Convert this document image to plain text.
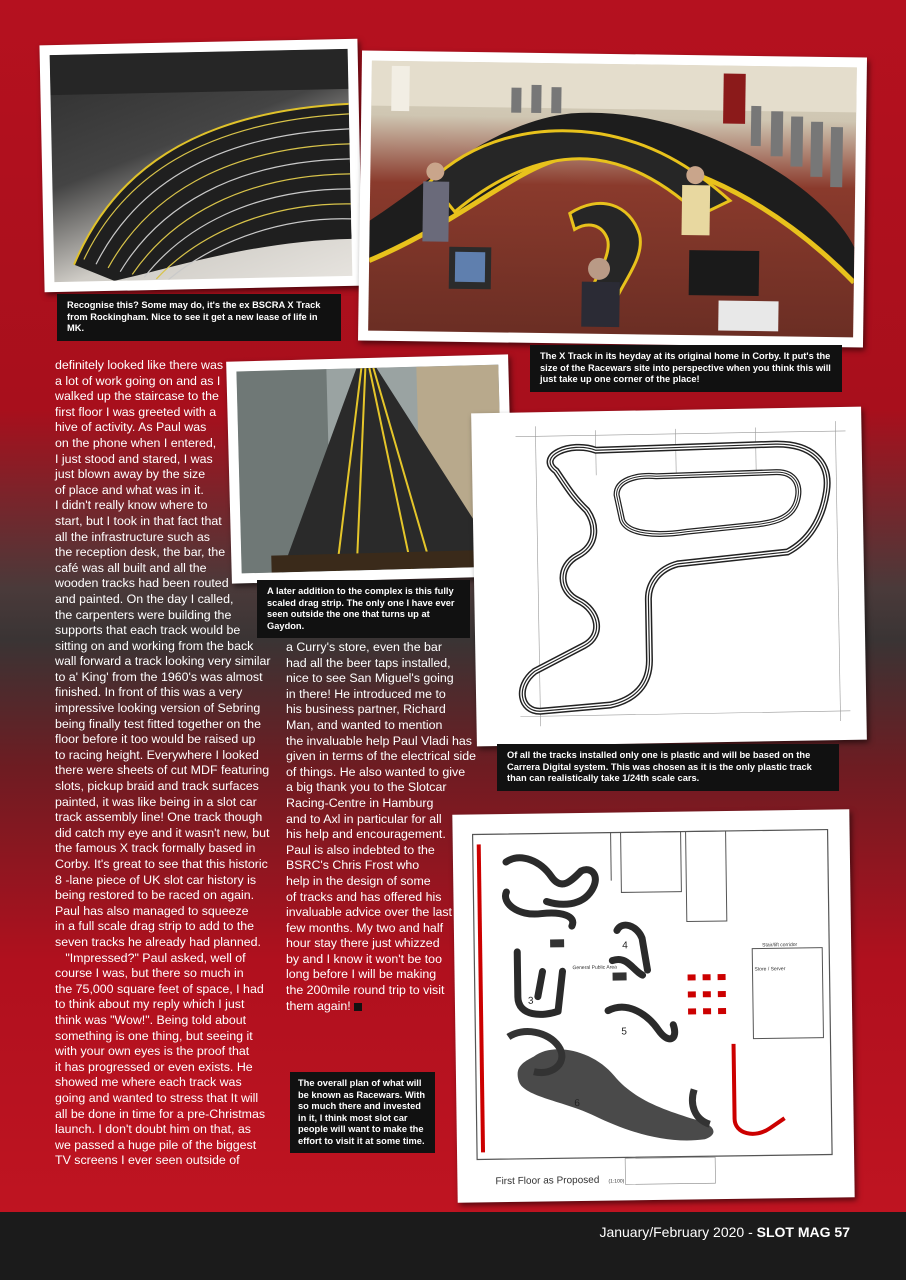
Recognise this? Some may do, it's the ex BSCRA X Track from Rockingham. Nice to see it get a new lease of life in MK.
The X Track in its heyday at its original home in Corby. It put's the size of the Racewars site into perspective when you think this will just take up one corner of the place!
A later addition to the complex is this fully scaled drag strip. The only one I have ever seen outside the one that turns up at Gaydon.
Of all the tracks installed only one is plastic and will be based on the Carrera Digital system. This was chosen as it is the only plastic track than can realistically take 1/24th scale cars.
3
4
5
6
General Public Area	Store / Server
Stair/lift corridor
First Floor as Proposed (1:100)
The overall plan of what will be known as Racewars. With so much there and invested in it, I think most slot car people will want to make the effort to visit it at some time.
definitely looked like there was
a lot of work going on and as I
walked up the staircase to the
first floor I was greeted with a
hive of activity. As Paul was
on the phone when I entered,
I just stood and stared, I was
just blown away by the size
of place and what was in it.
I didn't really know where to
start, but I took in that fact that
all the infrastructure such as
the reception desk, the bar, the
café was all built and all the
wooden tracks had been routed
and painted. On the day I called,
the carpenters were building the
supports that each track would be
sitting on and working from the back
wall forward a track looking very similar
to a' King' from the 1960's was almost
finished. In front of this was a very
impressive looking version of Sebring
being finally test fitted together on the
floor before it too would be raised up
to racing height. Everywhere I looked
there were sheets of cut MDF featuring
slots, pickup braid and track surfaces
painted, it was like being in a slot car
track assembly line! One track though
did catch my eye and it wasn't new, but
the famous X track formally based in
Corby. It's great to see that this historic
8 -lane piece of UK slot car history is
being restored to be raced on again.
Paul has also managed to squeeze
in a full scale drag strip to add to the
seven tracks he already had planned.
"Impressed?" Paul asked, well of
course I was, but there so much in
the 75,000 square feet of space, I had
to think about my reply which I just
think was "Wow!". Being told about
something is one thing, but seeing it
with your own eyes is the proof that
it has progressed or even exists. He
showed me where each track was
going and wanted to stress that It will
all be done in time for a pre-Christmas
launch. I don't doubt him on that, as
we passed a huge pile of the biggest
TV screens I ever seen outside of
a Curry's store, even the bar
had all the beer taps installed,
nice to see San Miguel's going
in there! He introduced me to
his business partner, Richard
Man, and wanted to mention
the invaluable help Paul Vladi has
given in terms of the electrical side
of things. He also wanted to give
a big thank you to the Slotcar
Racing-Centre in Hamburg
and to Axl in particular for all
his help and encouragement.
Paul is also indebted to the
BSRC's Chris Frost who
help in the design of some
of tracks and has offered his
invaluable advice over the last
few months. My two and half
hour stay there just whizzed
by and I know it won't be too
long before I will be making
the 200mile round trip to visit
them again!
January/February 2020 - SLOT MAG 57
